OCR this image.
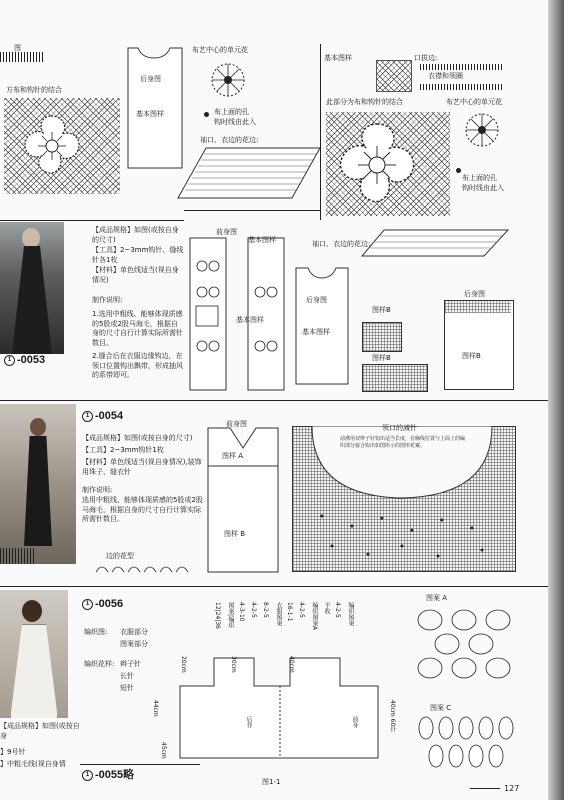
图
方布和钩针的结合
后身图
基本图样
布艺中心的单元花
布上面的孔
钩时线由此入
袖口、衣边的花边:
基本图样
此部分为布和钩针的结合
口拔边:
衣襟和领圈
布艺中心的单元花
布上面的孔
钩时线由此入
1 -0053
【成品规格】如图(或按自身的尺寸)
【工具】2~3mm钩针、缝线针各1枚
【材料】单色线适当(视自身情况)
制作说明:
1.选用中粗线、能够体现质感的5股或2股马海毛，根据自身的尺寸自行计算实际所需针数目。
2.缝合后在衣服边缘钩边，在领口位置钩出飘带，形成抽风的系带即可。
前身图
基本图样
基本图样
后身图
基本图样
袖口、衣边的花边:
图样B
图样B
后身图
图样B
1 -0054
【成品规格】如图(或按自身的尺寸)
【工具】2~3mm钩针1枚
【材料】单色线适当(视自身情况),装饰用珠子、缝衣针
制作说明:
选用中粗线、能够体现质感的5股或2股马海毛，根据自身的尺寸自行计算实际所需针数目。
边的花型
前身图
图样 A
图样 B
领口的减针
前襟用双辫子针钩出适当长度，在胸线位置与上面上的编织部分接合钩出如图所示的图形花案。
1 -0056
编织图: 衣服部分
图案部分
编织花样: 辫子针
长针
短针
【成品规格】如图(或按自身
】9号针
】中粗毛线(视自身情
12|24|36 图案|编织 4-3-10 4-2-5 8-2-5 衣服图案 16-1-1 4-2-5 编织图案A 平收 4-2-5 编织图案
30cm
20cm	40cm
44cm
45cm
40cm 60针
后背	前身
图1-1
图案 A
图案 C
1 -0055略
127
